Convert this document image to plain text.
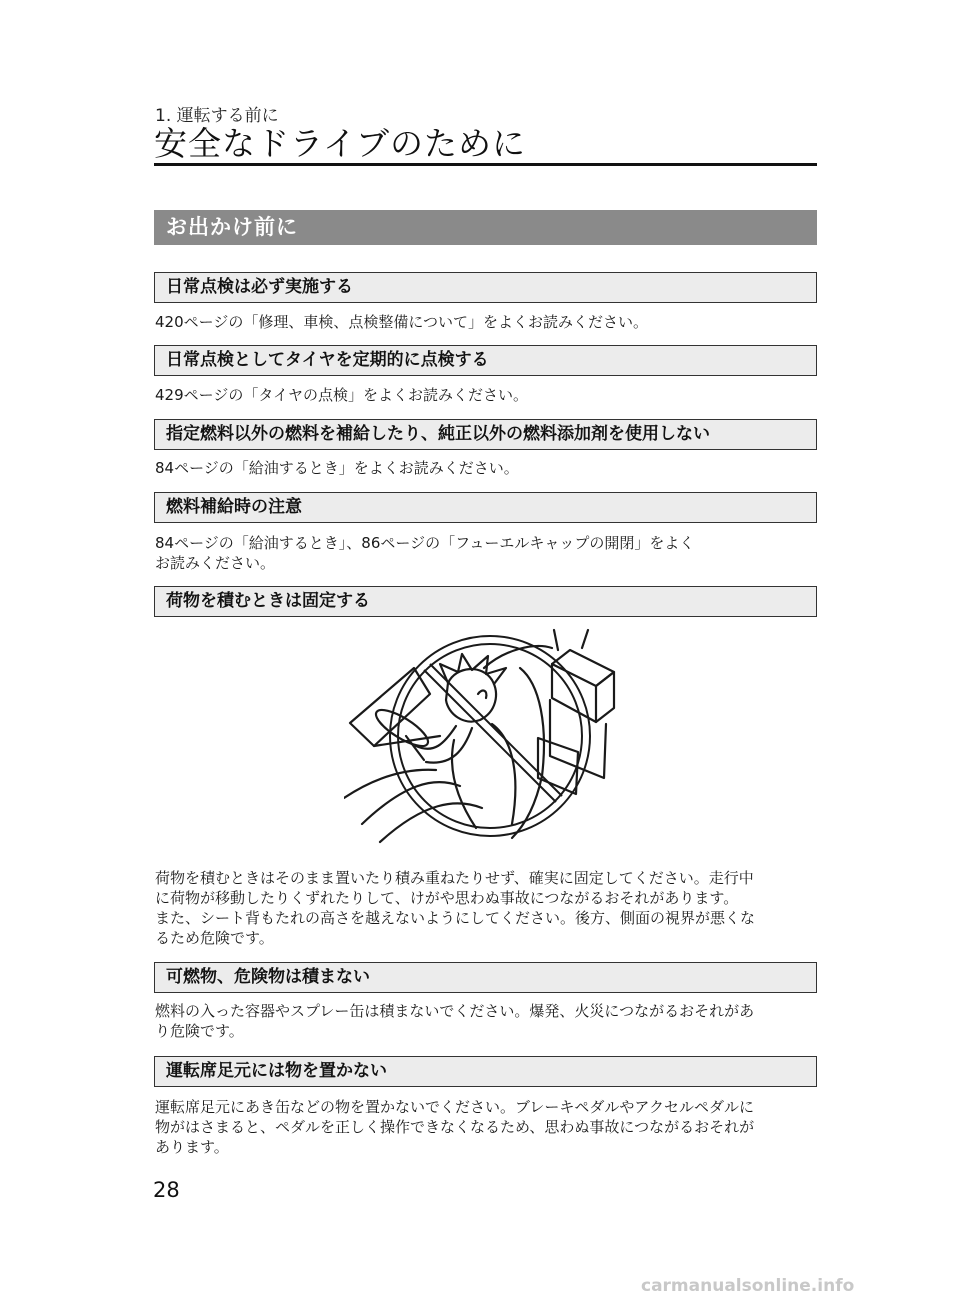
1. 運転する前に
安全なドライブのために
お出かけ前に
日常点検は必ず実施する

420ページの「修理、車検、点検整備について」をよくお読みください。

日常点検としてタイヤを定期的に点検する

429ページの「タイヤの点検」をよくお読みください。

指定燃料以外の燃料を補給したり、純正以外の燃料添加剤を使用しない

84ページの「給油するとき」をよくお読みください。

燃料補給時の注意

84ページの「給油するとき」、86ページの「フューエルキャップの開閉」をよく
お読みください。

荷物を積むときは固定する

荷物を積むときはそのまま置いたり積み重ねたりせず、確実に固定してください。走行中
に荷物が移動したりくずれたりして、けがや思わぬ事故につながるおそれがあります。
また、シート背もたれの高さを越えないようにしてください。後方、側面の視界が悪くな
るため危険です。

可燃物、危険物は積まない

燃料の入った容器やスプレー缶は積まないでください。爆発、火災につながるおそれがあ
り危険です。

運転席足元には物を置かない

運転席足元にあき缶などの物を置かないでください。ブレーキペダルやアクセルペダルに
物がはさまると、ペダルを正しく操作できなくなるため、思わぬ事故につながるおそれが
あります。

28
carmanualsonline.info
